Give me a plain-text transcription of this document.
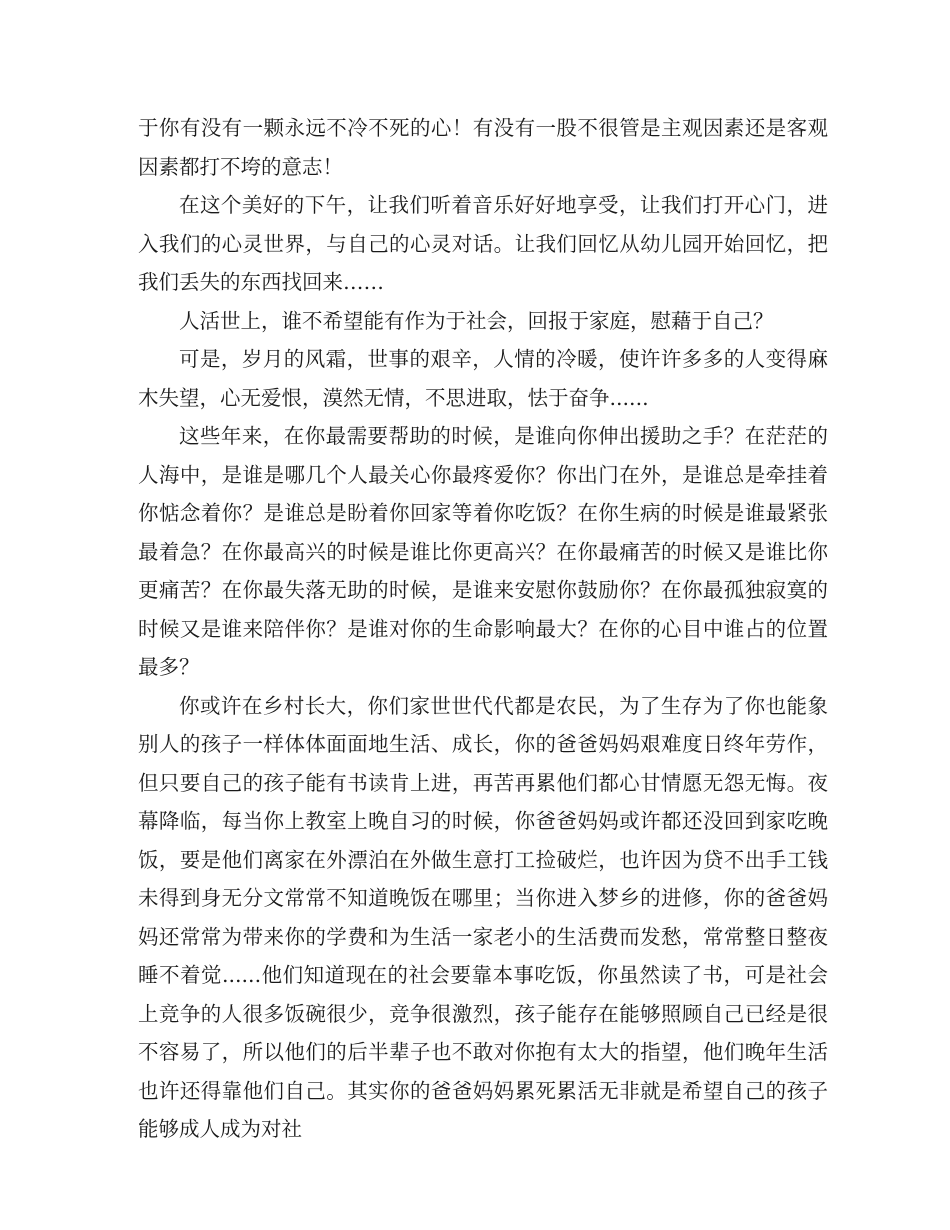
于你有没有一颗永远不冷不死的心！有没有一股不很管是主观因素还是客观因素都打不垮的意志！

在这个美好的下午，让我们听着音乐好好地享受，让我们打开心门，进入我们的心灵世界，与自己的心灵对话。让我们回忆从幼儿园开始回忆，把我们丢失的东西找回来……

人活世上，谁不希望能有作为于社会，回报于家庭，慰藉于自己？

可是，岁月的风霜，世事的艰辛，人情的冷暖，使许许多多的人变得麻木失望，心无爱恨，漠然无情，不思进取，怯于奋争......

这些年来，在你最需要帮助的时候，是谁向你伸出援助之手？在茫茫的人海中，是谁是哪几个人最关心你最疼爱你？你出门在外，是谁总是牵挂着你惦念着你？是谁总是盼着你回家等着你吃饭？在你生病的时候是谁最紧张最着急？在你最高兴的时候是谁比你更高兴？在你最痛苦的时候又是谁比你更痛苦？在你最失落无助的时候，是谁来安慰你鼓励你？在你最孤独寂寞的时候又是谁来陪伴你？是谁对你的生命影响最大？在你的心目中谁占的位置最多？

你或许在乡村长大，你们家世世代代都是农民，为了生存为了你也能象别人的孩子一样体体面面地生活、成长，你的爸爸妈妈艰难度日终年劳作，但只要自己的孩子能有书读肯上进，再苦再累他们都心甘情愿无怨无悔。夜幕降临，每当你上教室上晚自习的时候，你爸爸妈妈或许都还没回到家吃晚饭，要是他们离家在外漂泊在外做生意打工捡破烂，也许因为贷不出手工钱未得到身无分文常常不知道晚饭在哪里；当你进入梦乡的进修，你的爸爸妈妈还常常为带来你的学费和为生活一家老小的生活费而发愁，常常整日整夜睡不着觉......他们知道现在的社会要靠本事吃饭，你虽然读了书，可是社会上竞争的人很多饭碗很少，竞争很激烈，孩子能存在能够照顾自己已经是很不容易了，所以他们的后半辈子也不敢对你抱有太大的指望，他们晚年生活也许还得靠他们自己。其实你的爸爸妈妈累死累活无非就是希望自己的孩子能够成人成为对社
